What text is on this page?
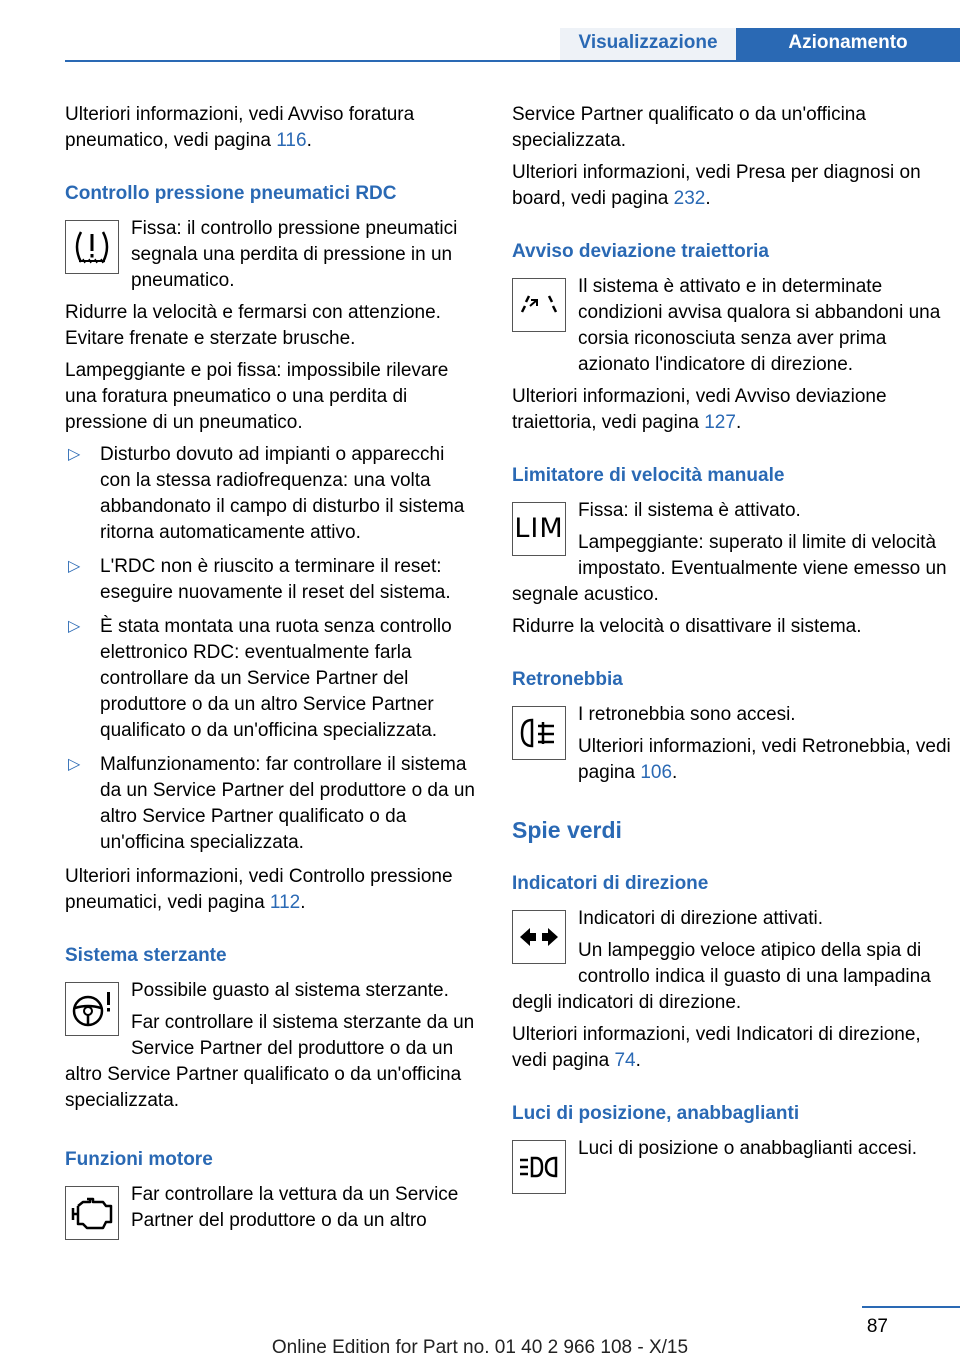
Visualizzazione	Azionamento

Ulteriori informazioni, vedi Avviso foratura pneumatico, vedi pagina 116.

Controllo pressione pneumatici RDC

Fissa: il controllo pressione pneumatici segnala una perdita di pressione in un pneumatico.

Ridurre la velocità e fermarsi con attenzione. Evitare frenate e sterzate brusche.

Lampeggiante e poi fissa: impossibile rilevare una foratura pneumatico o una perdita di pressione di un pneumatico.

▷ Disturbo dovuto ad impianti o apparecchi con la stessa radiofrequenza: una volta abbandonato il campo di disturbo il sistema ritorna automaticamente attivo.
▷ L'RDC non è riuscito a terminare il reset: eseguire nuovamente il reset del sistema.
▷ È stata montata una ruota senza controllo elettronico RDC: eventualmente farla controllare da un Service Partner del produttore o da un altro Service Partner qualificato o da un'officina specializzata.
▷ Malfunzionamento: far controllare il sistema da un Service Partner del produttore o da un altro Service Partner qualificato o da un'officina specializzata.

Ulteriori informazioni, vedi Controllo pressione pneumatici, vedi pagina 112.

Sistema sterzante

Possibile guasto al sistema sterzante.

Far controllare il sistema sterzante da un Service Partner del produttore o da un altro Service Partner qualificato o da un'officina specializzata.

Funzioni motore

Far controllare la vettura da un Service Partner del produttore o da un altro

Service Partner qualificato o da un'officina specializzata.

Ulteriori informazioni, vedi Presa per diagnosi on board, vedi pagina 232.

Avviso deviazione traiettoria

Il sistema è attivato e in determinate condizioni avvisa qualora si abbandoni una corsia riconosciuta senza aver prima azionato l'indicatore di direzione.

Ulteriori informazioni, vedi Avviso deviazione traiettoria, vedi pagina 127.

Limitatore di velocità manuale
LIM

Fissa: il sistema è attivato.

Lampeggiante: superato il limite di velocità impostato. Eventualmente viene emesso un segnale acustico.

Ridurre la velocità o disattivare il sistema.

Retronebbia

I retronebbia sono accesi.

Ulteriori informazioni, vedi Retronebbia, vedi pagina 106.

Spie verdi
Indicatori di direzione

Indicatori di direzione attivati.

Un lampeggio veloce atipico della spia di controllo indica il guasto di una lampadina degli indicatori di direzione.

Ulteriori informazioni, vedi Indicatori di direzione, vedi pagina 74.

Luci di posizione, anabbaglianti

Luci di posizione o anabbaglianti accesi.

87
Online Edition for Part no. 01 40 2 966 108 - X/15
